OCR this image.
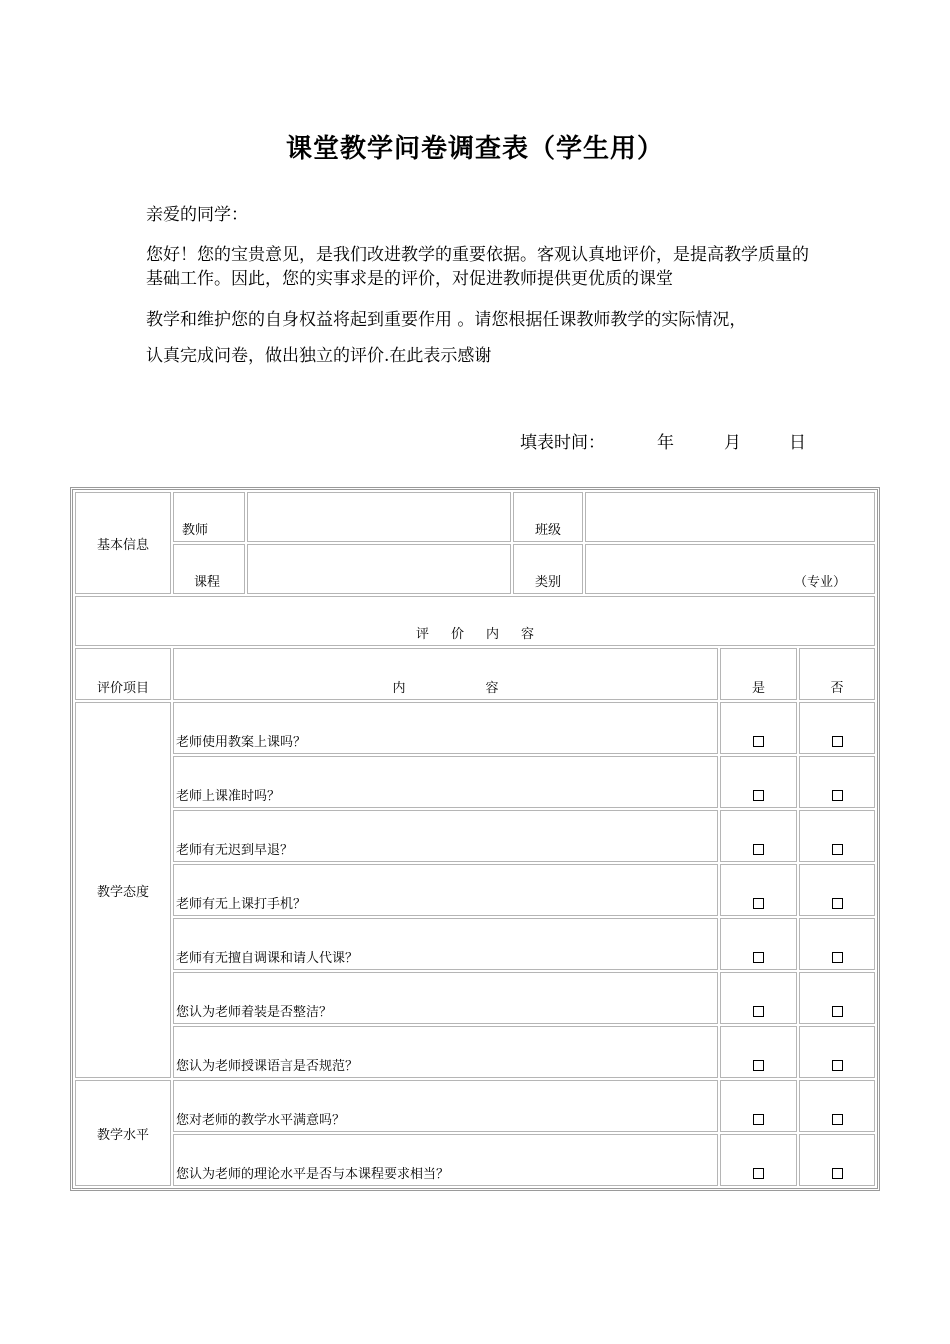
课堂教学问卷调查表（学生用）
亲爱的同学：
您好！您的宝贵意见，是我们改进教学的重要依据。客观认真地评价，是提高教学质量的基础工作。因此，您的实事求是的评价，对促进教师提供更优质的课堂
教学和维护您的自身权益将起到重要作用 。请您根据任课教师教学的实际情况，
认真完成问卷，做出独立的评价.在此表示感谢
填表时间：	年	月	日
基本信息	教师		班级			
	课程		类别	（专业）		
评价内容						
评价项目	内容				是	否
教学态度	老师使用教案上课吗？					
	老师上课准时吗？					
	老师有无迟到早退？					
	老师有无上课打手机？					
	老师有无擅自调课和请人代课？					
	您认为老师着装是否整洁？					
	您认为老师授课语言是否规范？					
教学水平	您对老师的教学水平满意吗？					
	您认为老师的理论水平是否与本课程要求相当？					
